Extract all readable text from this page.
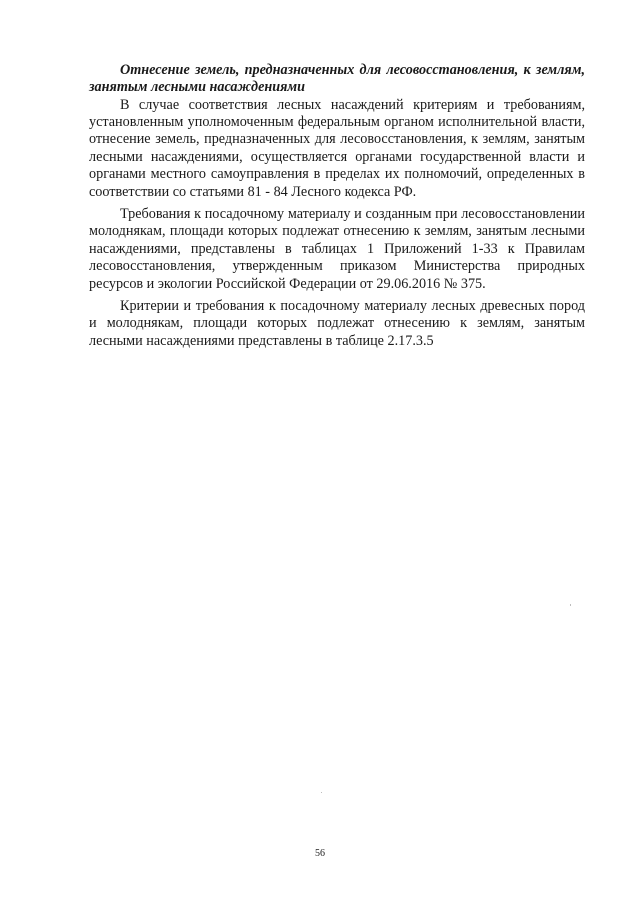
Отнесение земель, предназначенных для лесовосстановления, к землям, занятым лесными насаждениями

В случае соответствия лесных насаждений критериям и требованиям, установленным уполномоченным федеральным органом исполнительной власти, отнесение земель, предназначенных для лесовосстановления, к землям, занятым лесными насаждениями, осуществляется органами государственной власти и органами местного самоуправления в пределах их полномочий, определенных в соответствии со статьями 81 - 84 Лесного кодекса РФ.

Требования к посадочному материалу и созданным при лесовосстановлении молоднякам, площади которых подлежат отнесению к землям, занятым лесными насаждениями, представлены в таблицах 1 Приложений 1-33 к Правилам лесовосстановления, утвержденным приказом Министерства природных ресурсов и экологии Российской Федерации от 29.06.2016 № 375.

Критерии и требования к посадочному материалу лесных древесных пород и молоднякам, площади которых подлежат отнесению к землям, занятым лесными насаждениями представлены в таблице 2.17.3.5

56
